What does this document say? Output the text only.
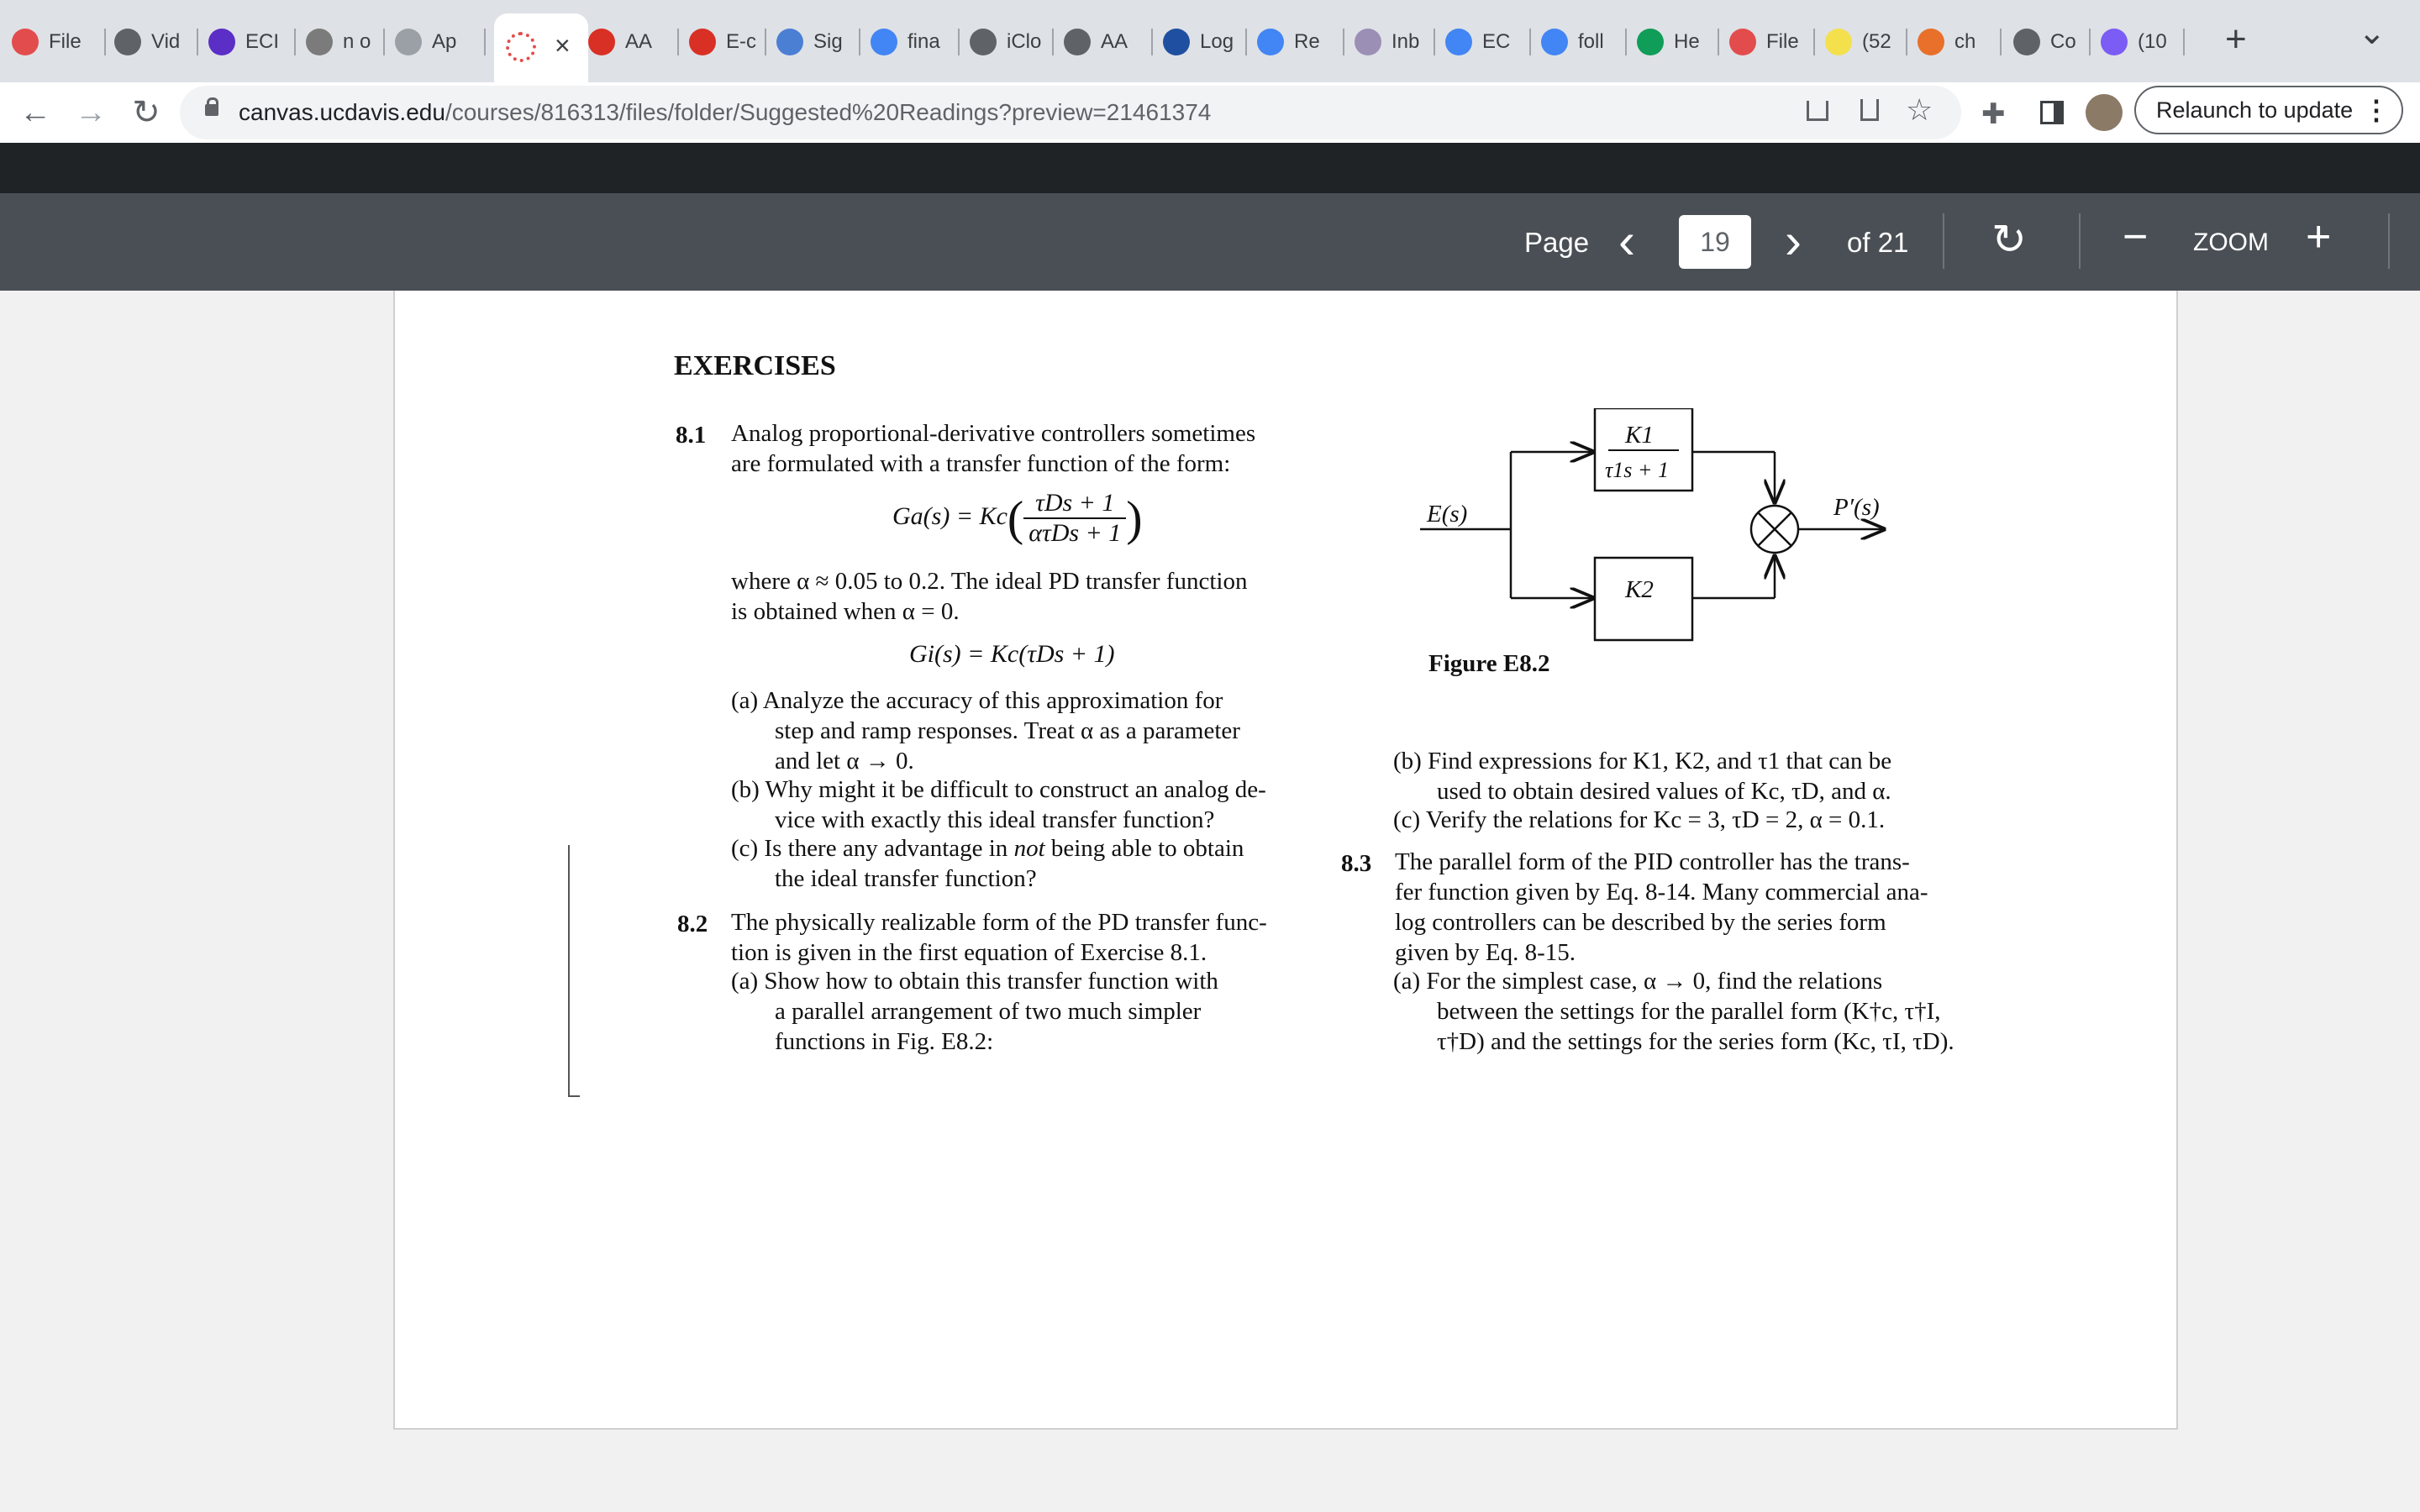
×
File	Vid	ECI	n o	Ap	AA	E-c	Sig	fina	iClo	AA	Log	Re	Inb	EC	foll	He	File	(52	ch	Co	(10 +	⌄
← → ↻	canvas.ucdavis.edu/courses/816313/files/folder/Suggested%20Readings?preview=21461374	☆ ✚	Relaunch to update ⋮
Page ‹	19	› of 21 ↻ − ZOOM +
EXERCISES
8.1 Analog proportional-derivative controllers sometimes
are formulated with a transfer function of the form:
$Ga(s) = Kc( \frac{\text{τDs + 1}}{\text{ατDs + 1}}$ )
where α ≈ 0.05 to 0.2. The ideal PD transfer function
is obtained when α = 0.
Gi(s) = Kc(τDs + 1)
(a) Analyze the accuracy of this approximation for
step and ramp responses. Treat α as a parameter
and let α → 0.
(b) Why might it be difficult to construct an analog de-
vice with exactly this ideal transfer function?
(c) Is there any advantage in not being able to obtain
the ideal transfer function?
8.2 The physically realizable form of the PD transfer func-
tion is given in the first equation of Exercise 8.1.
(a) Show how to obtain this transfer function with
a parallel arrangement of two much simpler
functions in Fig. E8.2:
E(s)	P′(s)
K1
τ1s + 1
K2
Figure E8.2
(b) Find expressions for K1, K2, and τ1 that can be
used to obtain desired values of Kc, τD, and α.
(c) Verify the relations for Kc = 3, τD = 2, α = 0.1.
8.3 The parallel form of the PID controller has the trans-
fer function given by Eq. 8-14. Many commercial ana-
log controllers can be described by the series form
given by Eq. 8-15.
(a) For the simplest case, α → 0, find the relations
between the settings for the parallel form (K†c, τ†I,
τ†D) and the settings for the series form (Kc, τI, τD).
